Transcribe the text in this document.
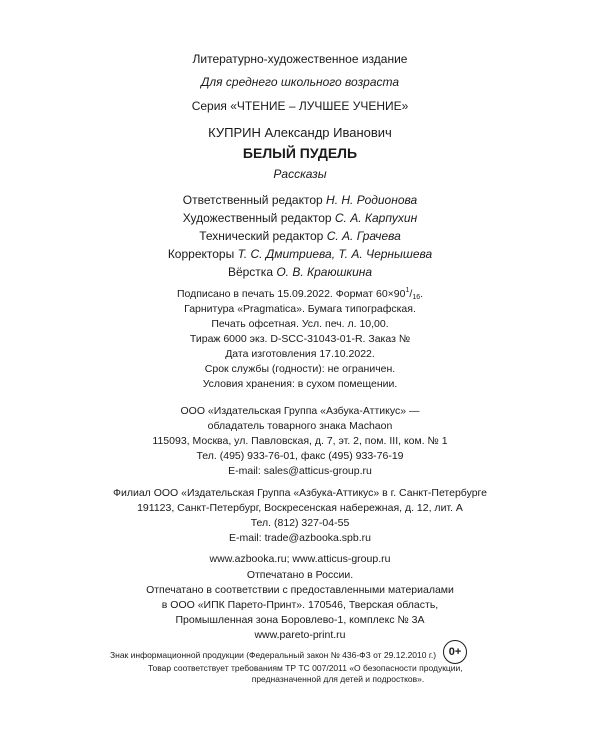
Литературно-художественное издание
Для среднего школьного возраста
Серия «ЧТЕНИЕ – ЛУЧШЕЕ УЧЕНИЕ»
КУПРИН Александр Иванович
БЕЛЫЙ ПУДЕЛЬ
Рассказы
Ответственный редактор Н. Н. Родионова
Художественный редактор С. А. Карпухин
Технический редактор С. А. Грачева
Корректоры Т. С. Дмитриева, Т. А. Чернышева
Вёрстка О. В. Краюшкина
Подписано в печать 15.09.2022. Формат $60\times 90^1/16$.
Гарнитура «Pragmatica». Бумага типографская.
Печать офсетная. Усл. печ. л. 10,00.
Тираж 6000 экз. D-SCC-31043-01-R. Заказ №
Дата изготовления 17.10.2022.
Срок службы (годности): не ограничен.
Условия хранения: в сухом помещении.
ООО «Издательская Группа «Азбука-Аттикус» —
обладатель товарного знака Machaon
115093, Москва, ул. Павловская, д. 7, эт. 2, пом. III, ком. № 1
Тел. (495) 933-76-01, факс (495) 933-76-19
E-mail: sales@atticus-group.ru
Филиал ООО «Издательская Группа «Азбука-Аттикус» в г. Санкт-Петербурге
191123, Санкт-Петербург, Воскресенская набережная, д. 12, лит. А
Тел. (812) 327-04-55
E-mail: trade@azbooka.spb.ru
www.azbooka.ru; www.atticus-group.ru
Отпечатано в России.
Отпечатано в соответствии с предоставленными материалами
в ООО «ИПК Парето-Принт». 170546, Тверская область,
Промышленная зона Боровлево-1, комплекс № 3А
www.pareto-print.ru
Знак информационной продукции (Федеральный закон № 436-ФЗ от 29.12.2010 г.)	0+
Товар соответствует требованиям ТР ТС 007/2011 «О безопасности продукции,
предназначенной для детей и подростков».
